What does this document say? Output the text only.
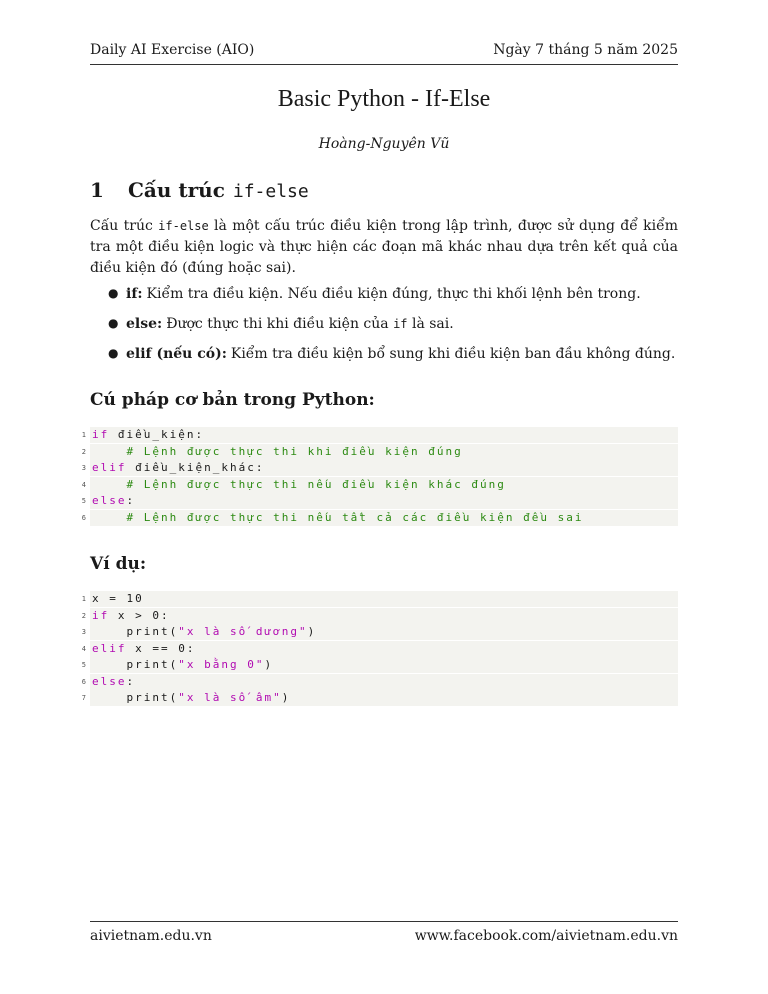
Daily AI Exercise (AIO)	Ngày 7 tháng 5 năm 2025
Basic Python - If-Else
Hoàng-Nguyên Vũ
1	Cấu trúc if-else
Cấu trúc if-else là một cấu trúc điều kiện trong lập trình, được sử dụng để kiểm tra một điều kiện logic và thực hiện các đoạn mã khác nhau dựa trên kết quả của điều kiện đó (đúng hoặc sai).
● if: Kiểm tra điều kiện. Nếu điều kiện đúng, thực thi khối lệnh bên trong.
● else: Được thực thi khi điều kiện của if là sai.
● elif (nếu có): Kiểm tra điều kiện bổ sung khi điều kiện ban đầu không đúng.
Cú pháp cơ bản trong Python:
1 if điều_kiện:
2	# Lệnh được thực thi khi điều kiện đúng
3 elif điều_kiện_khác:
4	# Lệnh được thực thi nếu điều kiện khác đúng
5 else:
6	# Lệnh được thực thi nếu tất cả các điều kiện đều sai
Ví dụ:
1 x = 10
2 if x > 0:
3	print("x là số dương")
4 elif x == 0:
5	print("x bằng 0")
6 else:
7	print("x là số âm")
aivietnam.edu.vn	www.facebook.com/aivietnam.edu.vn
